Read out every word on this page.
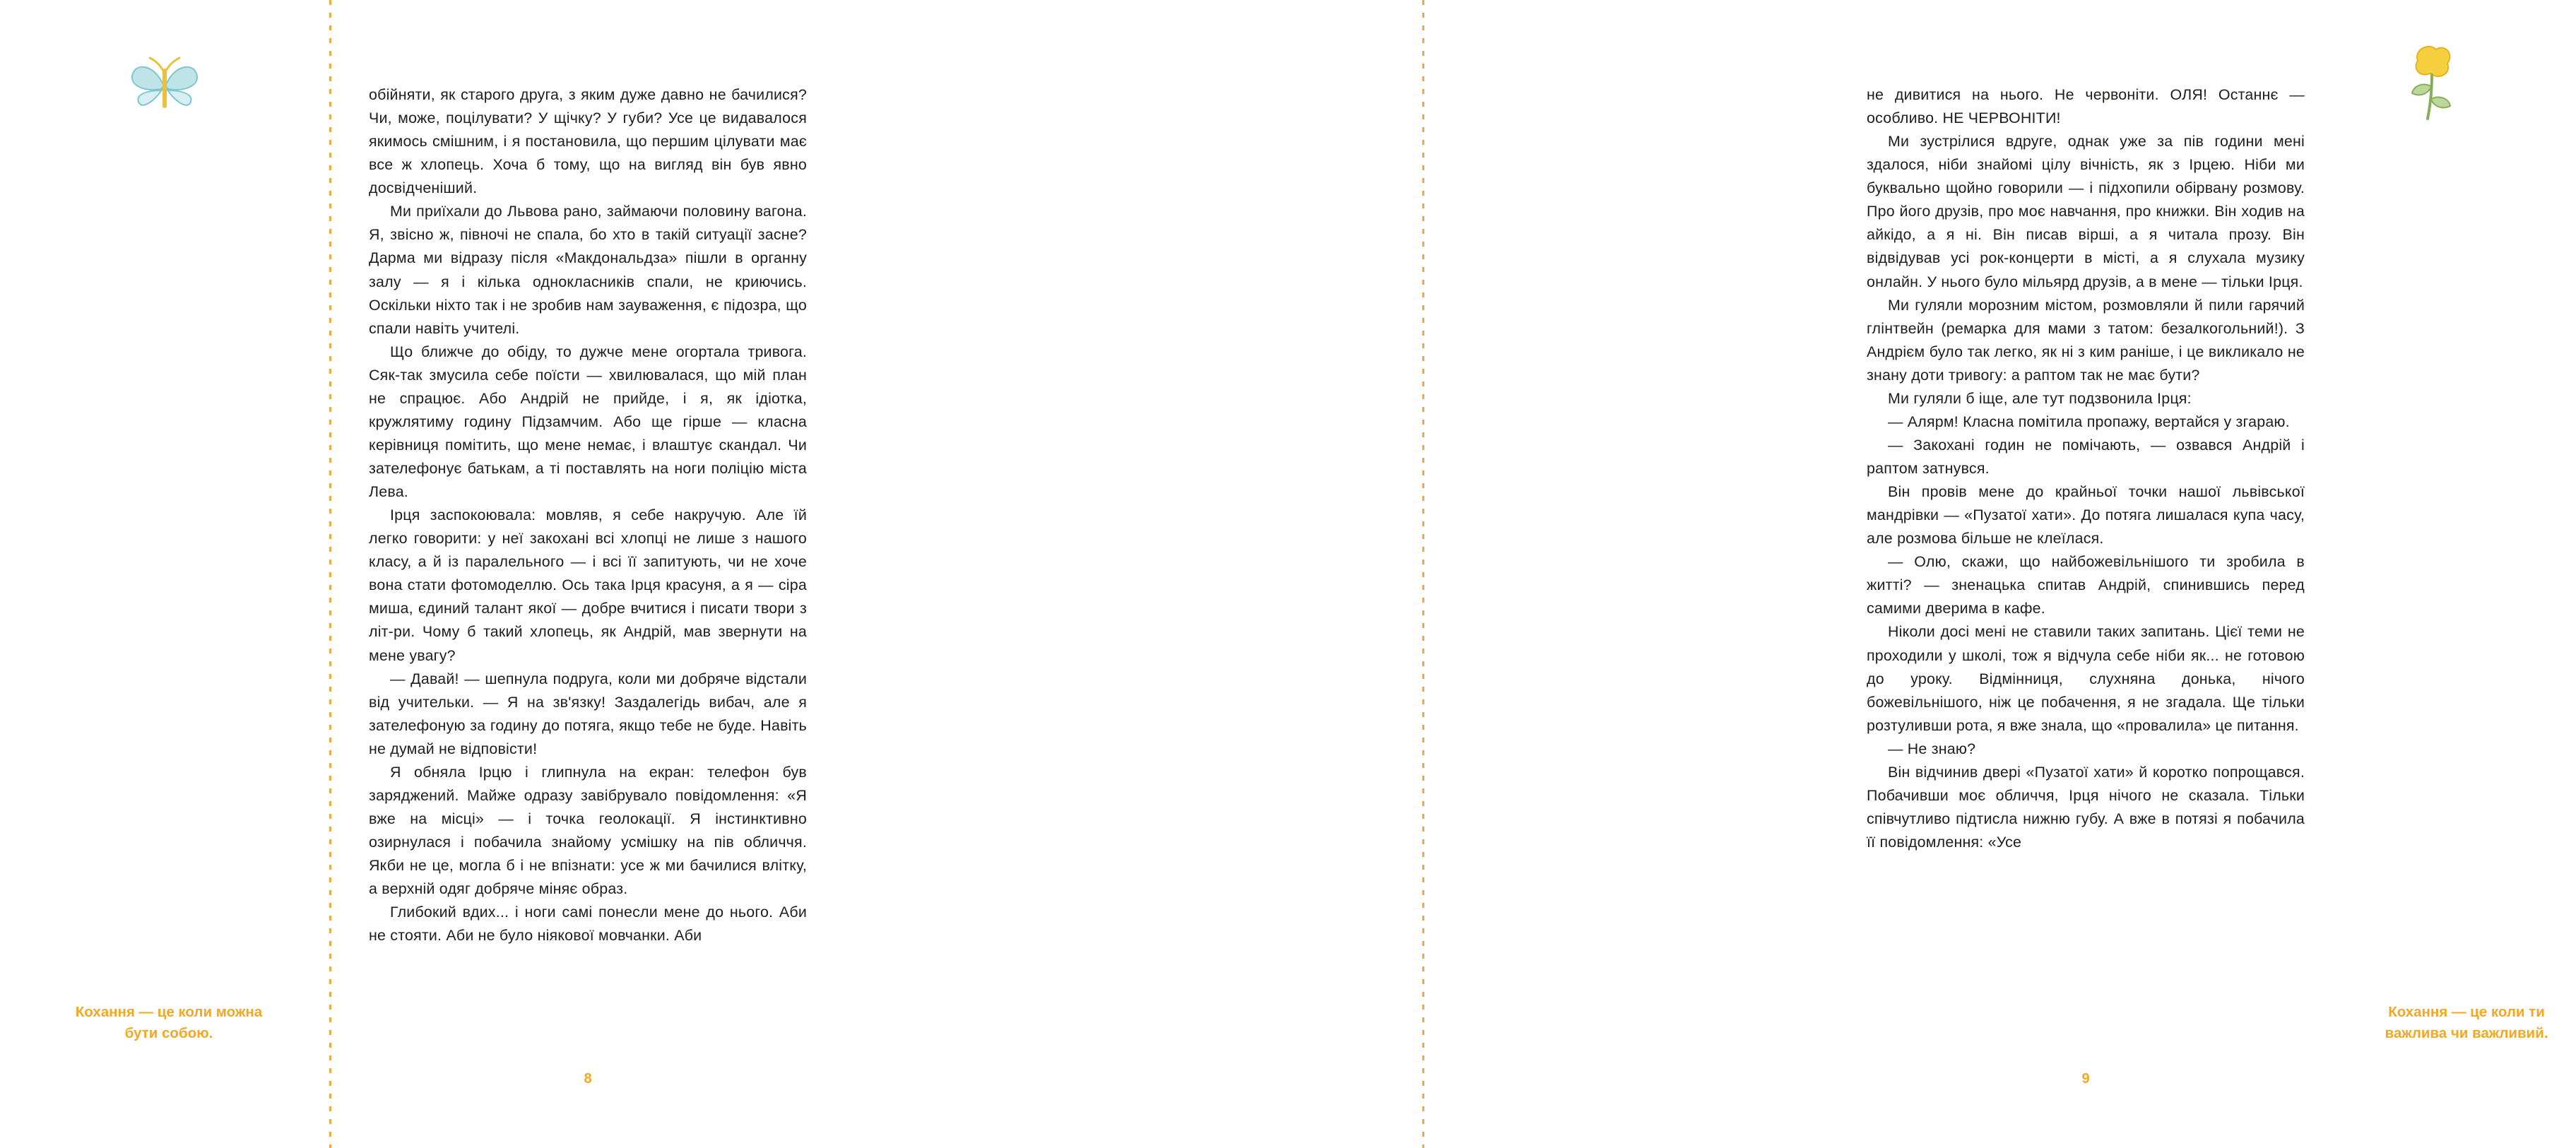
обійняти, як старого друга, з яким дуже давно не бачилися? Чи, може, поцілувати? У щічку? У губи? Усе це видавалося якимось смішним, і я постановила, що першим цілувати має все ж хлопець. Хоча б тому, що на вигляд він був явно досвідченіший.

Ми приїхали до Львова рано, займаючи половину вагона. Я, звісно ж, півночі не спала, бо хто в такій ситуації засне? Дарма ми відразу після «Макдональдза» пішли в органну залу — я і кілька однокласників спали, не криючись. Оскільки ніхто так і не зробив нам зауваження, є підозра, що спали навіть учителі.

Що ближче до обіду, то дужче мене огортала тривога. Сяк-так змусила себе поїсти — хвилювалася, що мій план не спрацює. Або Андрій не прийде, і я, як ідіотка, кружлятиму годину Підзамчим. Або ще гірше — класна керівниця помітить, що мене немає, і влаштує скандал. Чи зателефонує батькам, а ті поставлять на ноги поліцію міста Лева.

Ірця заспокоювала: мовляв, я себе накручую. Але їй легко говорити: у неї закохані всі хлопці не лише з нашого класу, а й із паралельного — і всі її запитують, чи не хоче вона стати фотомоделлю. Ось така Ірця красуня, а я — сіра миша, єдиний талант якої — добре вчитися і писати твори з літ-ри. Чому б такий хлопець, як Андрій, мав звернути на мене увагу?

— Давай! — шепнула подруга, коли ми добряче відстали від учительки. — Я на зв'язку! Заздалегідь вибач, але я зателефоную за годину до потяга, якщо тебе не буде. Навіть не думай не відповісти!

Я обняла Ірцю і глипнула на екран: телефон був заряджений. Майже одразу завібрувало повідомлення: «Я вже на місці» — і точка геолокації. Я інстинктивно озирнулася і побачила знайому усмішку на пів обличчя. Якби не це, могла б і не впізнати: усе ж ми бачилися влітку, а верхній одяг добряче міняє образ.

Глибокий вдих... і ноги самі понесли мене до нього. Аби не стояти. Аби не було ніякової мовчанки. Аби

Кохання — це коли можна бути собою.
8

не дивитися на нього. Не червоніти. ОЛЯ! Останнє — особливо. НЕ ЧЕРВОНІТИ!

Ми зустрілися вдруге, однак уже за пів години мені здалося, ніби знайомі цілу вічність, як з Ірцею. Ніби ми буквально щойно говорили — і підхопили обірвану розмову. Про його друзів, про моє навчання, про книжки. Він ходив на айкідо, а я ні. Він писав вірші, а я читала прозу. Він відвідував усі рок-концерти в місті, а я слухала музику онлайн. У нього було мільярд друзів, а в мене — тільки Ірця.

Ми гуляли морозним містом, розмовляли й пили гарячий глінтвейн (ремарка для мами з татом: безалкогольний!). З Андрієм було так легко, як ні з ким раніше, і це викликало не знану доти тривогу: а раптом так не має бути?

Ми гуляли б іще, але тут подзвонила Ірця:

— Алярм! Класна помітила пропажу, вертайся у згараю.

— Закохані годин не помічають, — озвався Андрій і раптом затнувся.

Він провів мене до крайньої точки нашої львівської мандрівки — «Пузатої хати». До потяга лишалася купа часу, але розмова більше не клеїлася.

— Олю, скажи, що найбожевільнішого ти зробила в житті? — зненацька спитав Андрій, спинившись перед самими дверима в кафе.

Ніколи досі мені не ставили таких запитань. Цієї теми не проходили у школі, тож я відчула себе ніби як... не готовою до уроку. Відмінниця, слухняна донька, нічого божевільнішого, ніж це побачення, я не згадала. Ще тільки розтуливши рота, я вже знала, що «провалила» це питання.

— Не знаю?

Він відчинив двері «Пузатої хати» й коротко попрощався. Побачивши моє обличчя, Ірця нічого не сказала. Тільки співчутливо підтисла нижню губу. А вже в потязі я побачила її повідомлення: «Усе

Кохання — це коли ти важлива чи важливий.
9
